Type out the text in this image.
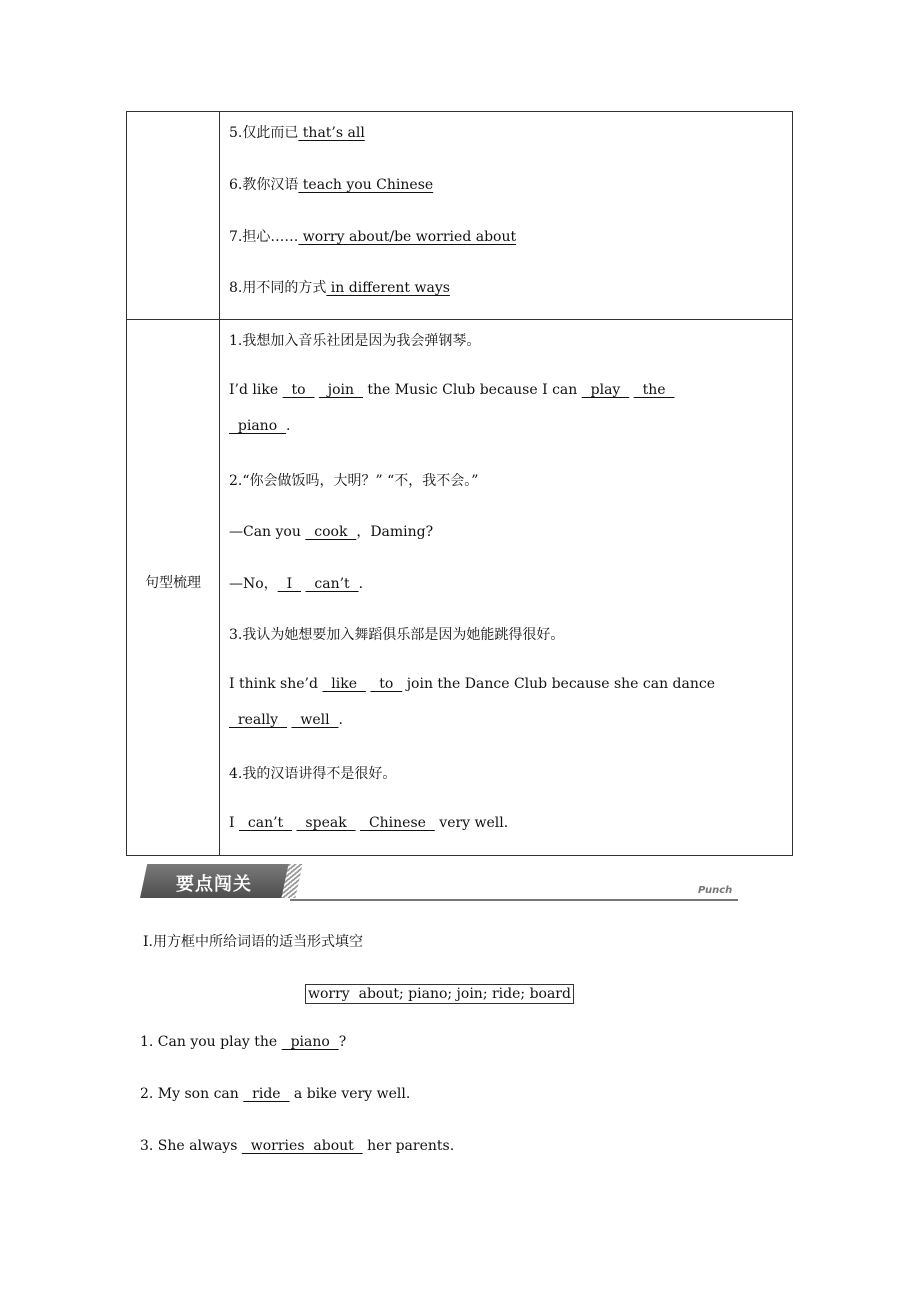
句型梳理
5.仅此而已 that’s all
6.教你汉语 teach you Chinese
7.担心…… worry about/be worried about
8.用不同的方式 in different ways
1.我想加入音乐社团是因为我会弹钢琴。
I’d like   to     join   the Music Club because I can   play     the
piano  .
2.“你会做饭吗，大明？” “不，我不会。”
—Can you   cook  ，Daming?
—No，  I     can’t  .
3.我认为她想要加入舞蹈俱乐部是因为她能跳得很好。
I think she’d   like     to   join the Dance Club because she can dance
really     well  .
4.我的汉语讲得不是很好。
I   can’t     speak     Chinese   very well.
要点闯关	Punch
Ⅰ.用方框中所给词语的适当形式填空
worry  about; piano; join; ride; board
1. Can you play the   piano  ?
2. My son can   ride   a bike very well.
3. She always   worries  about   her parents.
